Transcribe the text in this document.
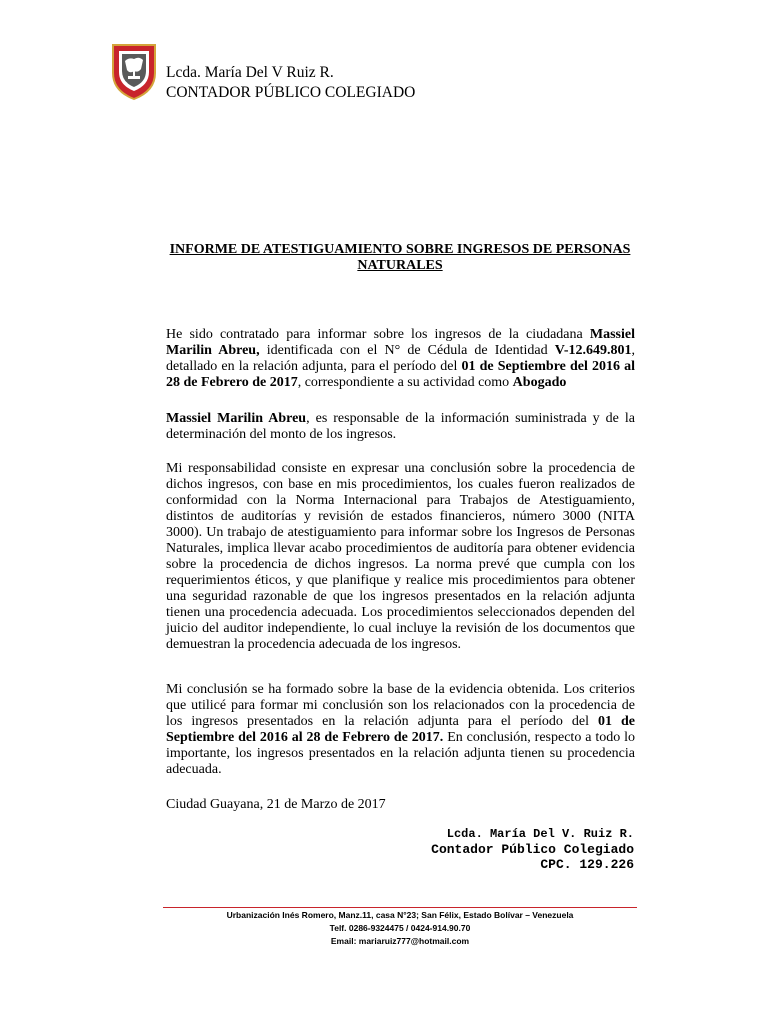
Lcda. María Del V Ruiz R.
CONTADOR PÚBLICO COLEGIADO
INFORME DE ATESTIGUAMIENTO SOBRE INGRESOS DE PERSONAS
NATURALES
He sido contratado para informar sobre los ingresos de la ciudadana Massiel Marilin Abreu, identificada con el N° de Cédula de Identidad V-12.649.801, detallado en la relación adjunta, para el período del 01 de Septiembre del 2016 al 28 de Febrero de 2017, correspondiente a su actividad como Abogado
Massiel Marilin Abreu, es responsable de la información suministrada y de la determinación del monto de los ingresos.
Mi responsabilidad consiste en expresar una conclusión sobre la procedencia de dichos ingresos, con base en mis procedimientos, los cuales fueron realizados de conformidad con la Norma Internacional para Trabajos de Atestiguamiento, distintos de auditorías y revisión de estados financieros, número 3000 (NITA 3000). Un trabajo de atestiguamiento para informar sobre los Ingresos de Personas Naturales, implica llevar acabo procedimientos de auditoría para obtener evidencia sobre la procedencia de dichos ingresos. La norma prevé que cumpla con los requerimientos éticos, y que planifique y realice mis procedimientos para obtener una seguridad razonable de que los ingresos presentados en la relación adjunta tienen una procedencia adecuada. Los procedimientos seleccionados dependen del juicio del auditor independiente, lo cual incluye la revisión de los documentos que demuestran la procedencia adecuada de los ingresos.
Mi conclusión se ha formado sobre la base de la evidencia obtenida. Los criterios que utilicé para formar mi conclusión son los relacionados con la procedencia de los ingresos presentados en la relación adjunta para el período del 01 de Septiembre del 2016 al 28 de Febrero de 2017. En conclusión, respecto a todo lo importante, los ingresos presentados en la relación adjunta tienen su procedencia adecuada.
Ciudad Guayana, 21 de Marzo de 2017
Lcda. María Del V. Ruiz R.
Contador Público Colegiado
CPC. 129.226
Urbanización Inés Romero, Manz.11, casa N°23; San Félix, Estado Bolívar – Venezuela
Telf. 0286-9324475 / 0424-914.90.70
Email: mariaruiz777@hotmail.com
